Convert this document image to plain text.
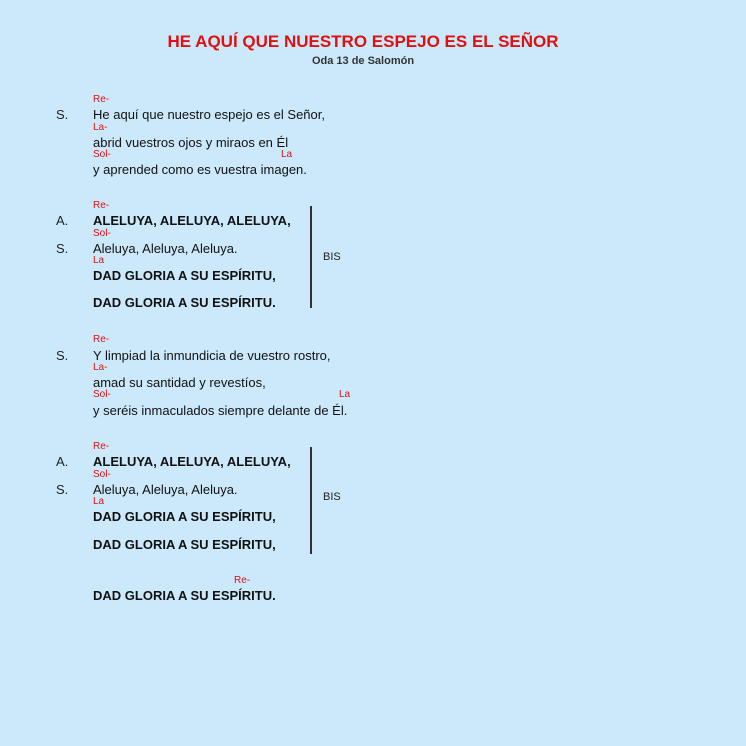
HE AQUÍ QUE NUESTRO ESPEJO ES EL SEÑOR
Oda 13 de Salomón
Re-
S. He aquí que nuestro espejo es el Señor,
La-
abrid vuestros ojos y miraos en Él
Sol-	La
y aprended como es vuestra imagen.
Re-
A. ALELUYA, ALELUYA, ALELUYA,
Sol-
S. Aleluya, Aleluya, Aleluya.
La
DAD GLORIA A SU ESPÍRITU,
DAD GLORIA A SU ESPÍRITU.
BIS
Re-
S. Y limpiad la inmundicia de vuestro rostro,
La-
amad su santidad y revestíos,
Sol-	La
y seréis inmaculados siempre delante de Él.
Re-
A. ALELUYA, ALELUYA, ALELUYA,
Sol-
S. Aleluya, Aleluya, Aleluya.
La
DAD GLORIA A SU ESPÍRITU,
DAD GLORIA A SU ESPÍRITU,
BIS
Re-
DAD GLORIA A SU ESPÍRITU.
